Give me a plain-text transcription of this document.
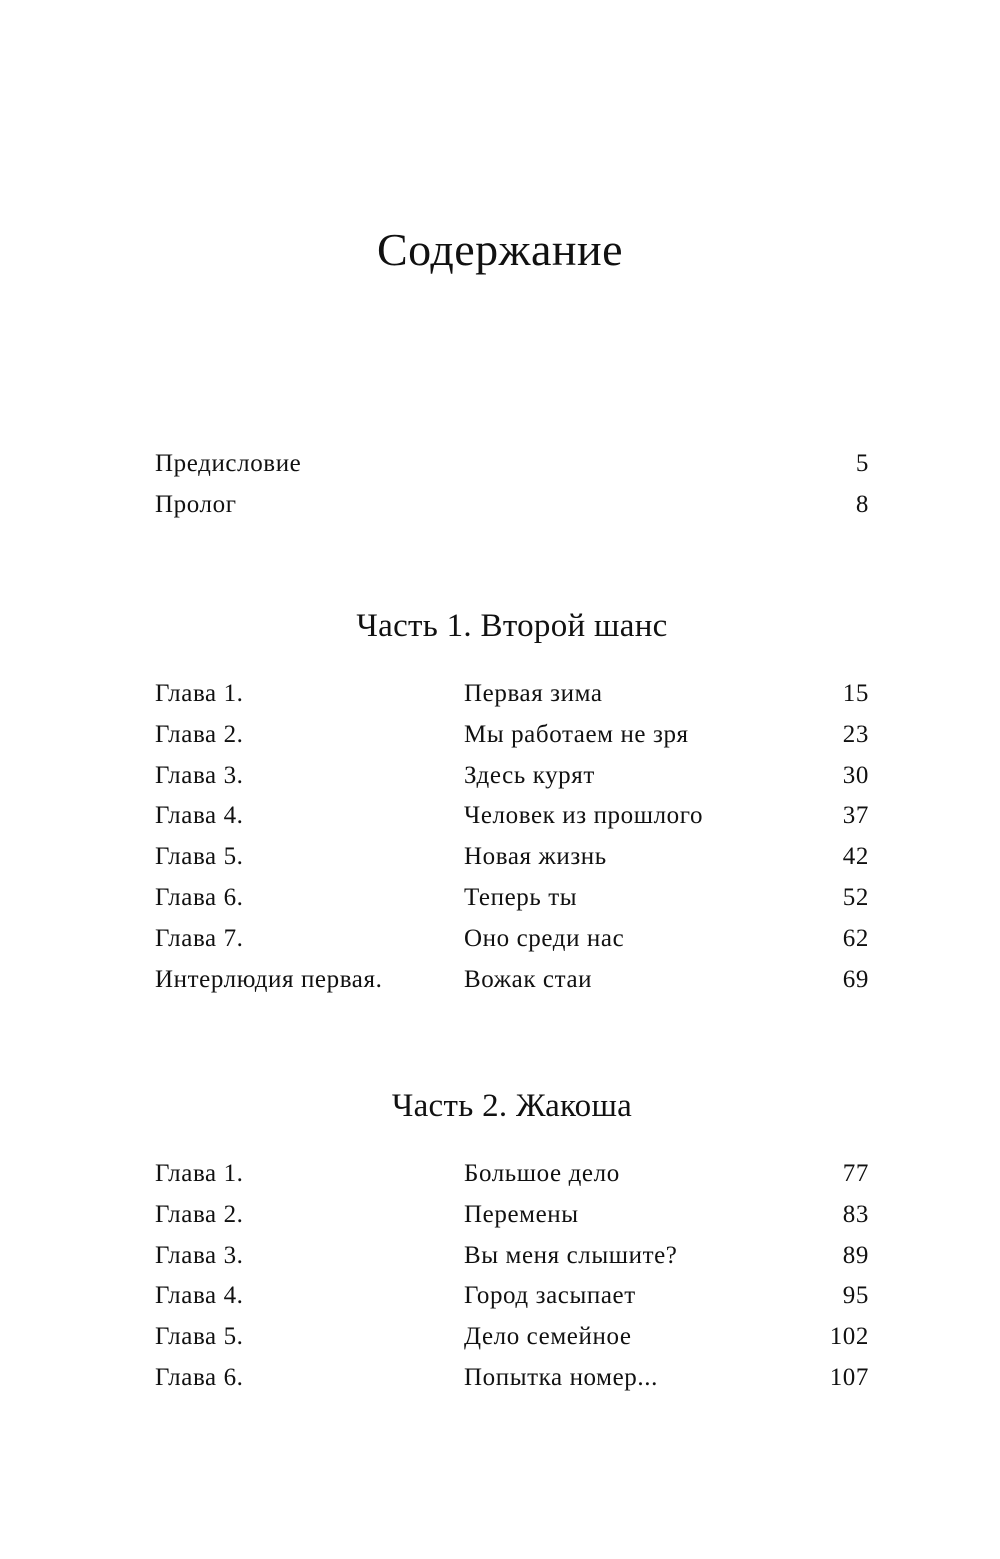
Содержание
Предисловие	5
Пролог	8
Часть 1. Второй шанс
Глава 1.	Первая зима	15
Глава 2.	Мы работаем не зря	23
Глава 3.	Здесь курят	30
Глава 4.	Человек из прошлого	37
Глава 5.	Новая жизнь	42
Глава 6.	Теперь ты	52
Глава 7.	Оно среди нас	62
Интерлюдия первая.	Вожак стаи	69
Часть 2. Жакоша
Глава 1.	Большое дело	77
Глава 2.	Перемены	83
Глава 3.	Вы меня слышите?	89
Глава 4.	Город засыпает	95
Глава 5.	Дело семейное	102
Глава 6.	Попытка номер...	107
